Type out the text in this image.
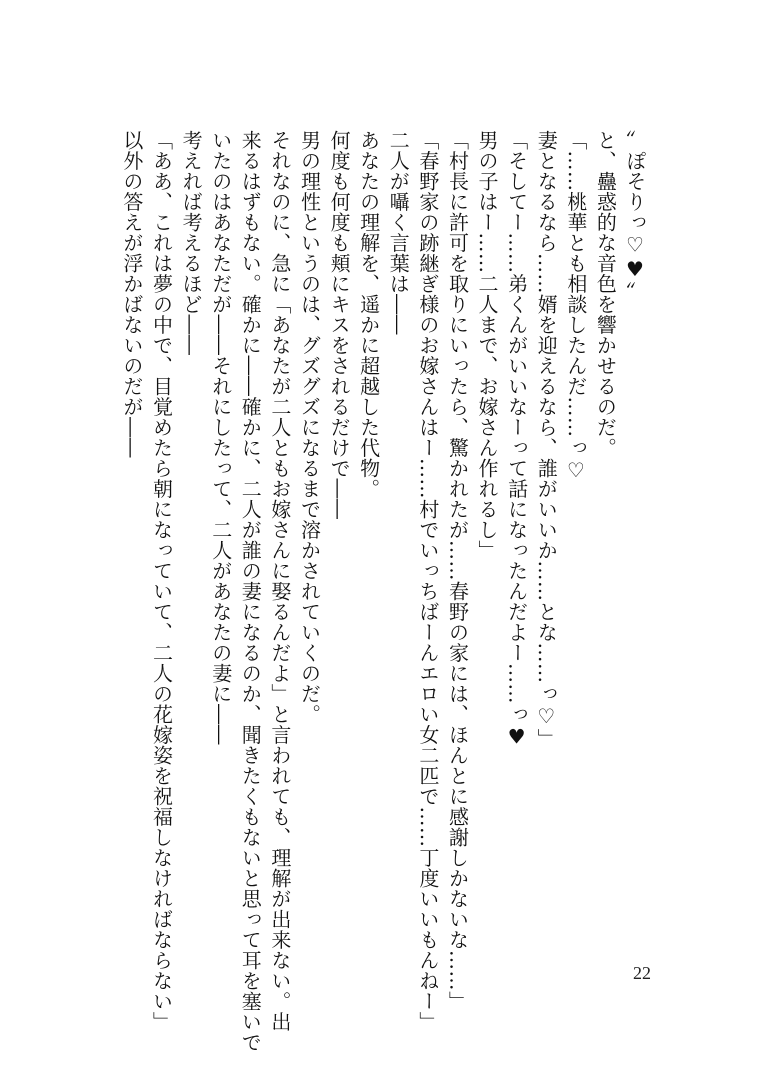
〟ぽそりっ♡♥〟
と、蠱惑的な音色を響かせるのだ。
「……桃華とも相談したんだ……っ♡
妻となるなら……婿を迎えるなら、誰がいいか……とな……っ♡」
「そしてー……弟くんがいいなーって話になったんだよー……っ♥
男の子はー……二人まで、お嫁さん作れるし」
「村長に許可を取りにいったら、驚かれたが……春野の家には、ほんとに感謝しかないな……」
「春野家の跡継ぎ様のお嫁さんはー……村でいっちばーんエロい女二匹で……丁度いいもんねー」
二人が囁く言葉は――
あなたの理解を、遥かに超越した代物。
何度も何度も頬にキスをされるだけで――
男の理性というのは、グズグズになるまで溶かされていくのだ。
それなのに、急に「あなたが二人ともお嫁さんに娶るんだよ」と言われても、理解が出来ない。出
来るはずもない。確かに――確かに、二人が誰の妻になるのか、聞きたくもないと思って耳を塞いで
いたのはあなただが――それにしたって、二人があなたの妻に――
考えれば考えるほど――
「ああ、これは夢の中で、目覚めたら朝になっていて、二人の花嫁姿を祝福しなければならない」
以外の答えが浮かばないのだが――
22
